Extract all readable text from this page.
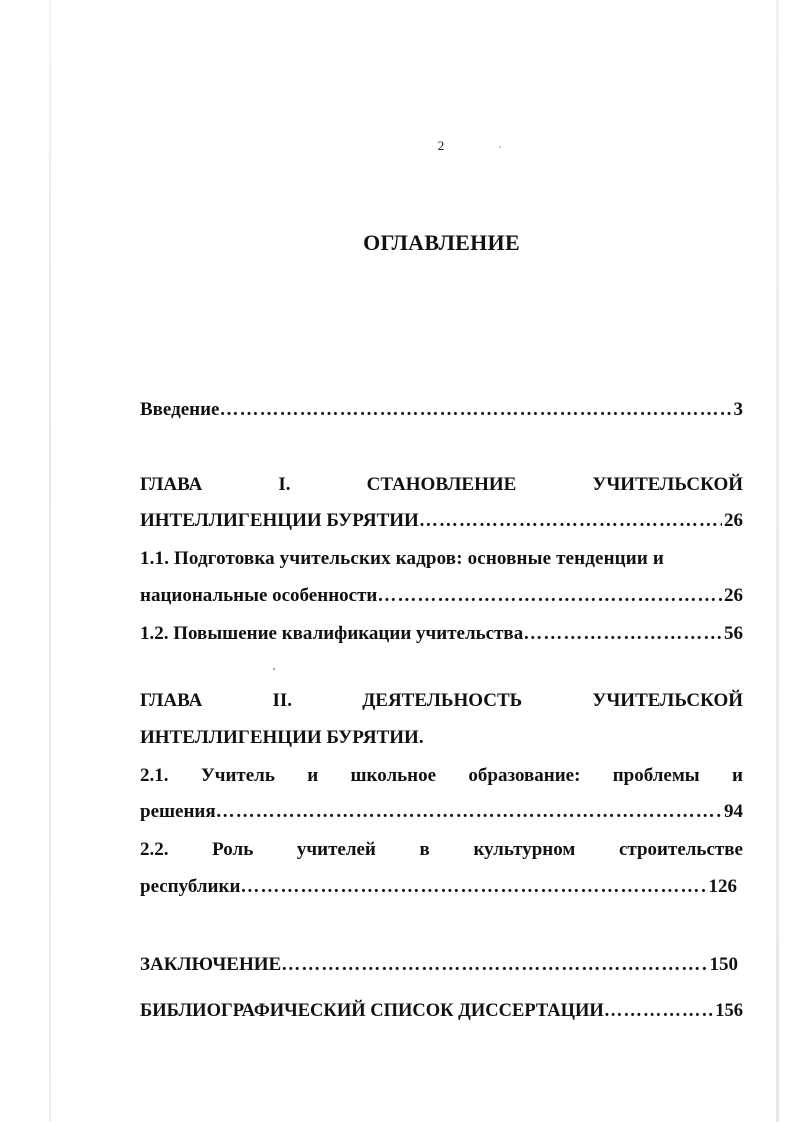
2
ОГЛАВЛЕНИЕ
Введение …………………………………………………………………………………………………………………………………………………………………………	3
ГЛАВА	I.	СТАНОВЛЕНИЕ	УЧИТЕЛЬСКОЙ
ИНТЕЛЛИГЕНЦИИ БУРЯТИИ …………………………………………………………………………………………………………………………………………………………………………	26
1.1. Подготовка учительских кадров: основные тенденции и
национальные особенности …………………………………………………………………………………………………………………………………………………………………………	26
1.2. Повышение квалификации учительства …………………………………………………………………………………………………………………………………………………………………………	56
ГЛАВА	II.	ДЕЯТЕЛЬНОСТЬ	УЧИТЕЛЬСКОЙ
ИНТЕЛЛИГЕНЦИИ БУРЯТИИ.
2.1. Учитель и школьное образование: проблемы и
решения …………………………………………………………………………………………………………………………………………………………………………	94
2.2. Роль учителей в культурном строительстве
республики …………………………………………………………………………………………………………………………………………………………………………	126
ЗАКЛЮЧЕНИЕ …………………………………………………………………………………………………………………………………………………………………………	150
БИБЛИОГРАФИЧЕСКИЙ СПИСОК ДИССЕРТАЦИИ …………………………………………………………………………………………………………………………………………………………………………	156
